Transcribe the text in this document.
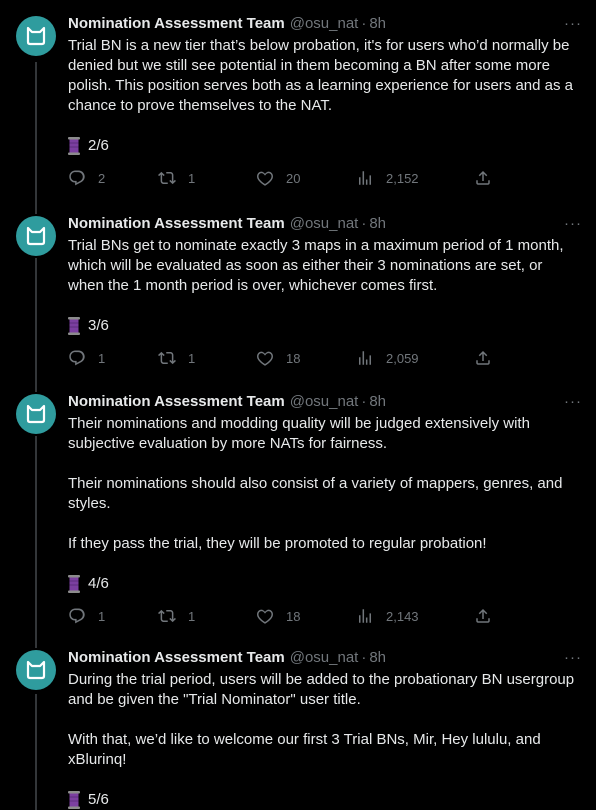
Nomination Assessment Team @osu_nat · 8h	···
Trial BN is a new tier that’s below probation, it's for users who’d normally be denied but we still see potential in them becoming a BN after some more polish. This position serves both as a learning experience for users and as a chance to prove themselves to the NAT.
2/6
2	1	20	2,152
Nomination Assessment Team @osu_nat · 8h	···
Trial BNs get to nominate exactly 3 maps in a maximum period of 1 month, which will be evaluated as soon as either their 3 nominations are set, or when the 1 month period is over, whichever comes first.
3/6
1	1	18	2,059
Nomination Assessment Team @osu_nat · 8h	···
Their nominations and modding quality will be judged extensively with subjective evaluation by more NATs for fairness.

Their nominations should also consist of a variety of mappers, genres, and styles.

If they pass the trial, they will be promoted to regular probation!
4/6
1	1	18	2,143
Nomination Assessment Team @osu_nat · 8h	···
During the trial period, users will be added to the probationary BN usergroup and be given the "Trial Nominator" user title.

With that, we’d like to welcome our first 3 Trial BNs, Mir, Hey lululu, and xBlurinq!
5/6
